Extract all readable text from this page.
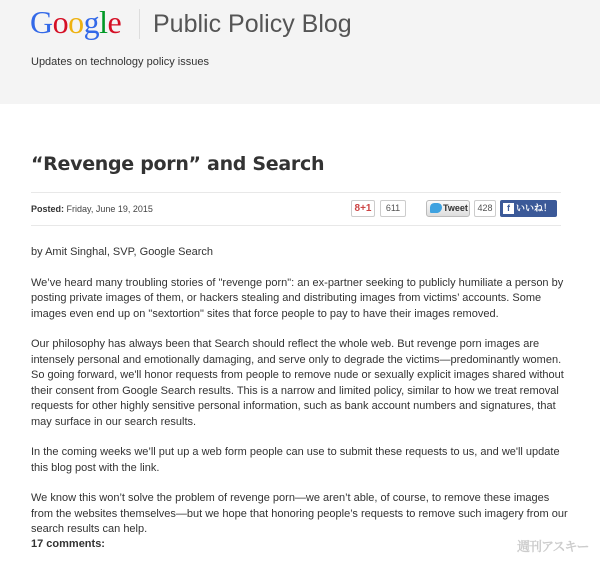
Google Public Policy Blog
Updates on technology policy issues
“Revenge porn” and Search
Posted: Friday, June 19, 2015	8+1	611	Tweet	428	f いいね！

by Amit Singhal, SVP, Google Search

We’ve heard many troubling stories of "revenge porn": an ex-partner seeking to publicly humiliate a person by posting private images of them, or hackers stealing and distributing images from victims’ accounts. Some images even end up on "sextortion" sites that force people to pay to have their images removed.

Our philosophy has always been that Search should reflect the whole web. But revenge porn images are intensely personal and emotionally damaging, and serve only to degrade the victims—predominantly women. So going forward, we'll honor requests from people to remove nude or sexually explicit images shared without their consent from Google Search results. This is a narrow and limited policy, similar to how we treat removal requests for other highly sensitive personal information, such as bank account numbers and signatures, that may surface in our search results.

In the coming weeks we’ll put up a web form people can use to submit these requests to us, and we'll update this blog post with the link.

We know this won’t solve the problem of revenge porn—we aren’t able, of course, to remove these images from the websites themselves—but we hope that honoring people’s requests to remove such imagery from our search results can help.

17 comments:	週刊アスキー
